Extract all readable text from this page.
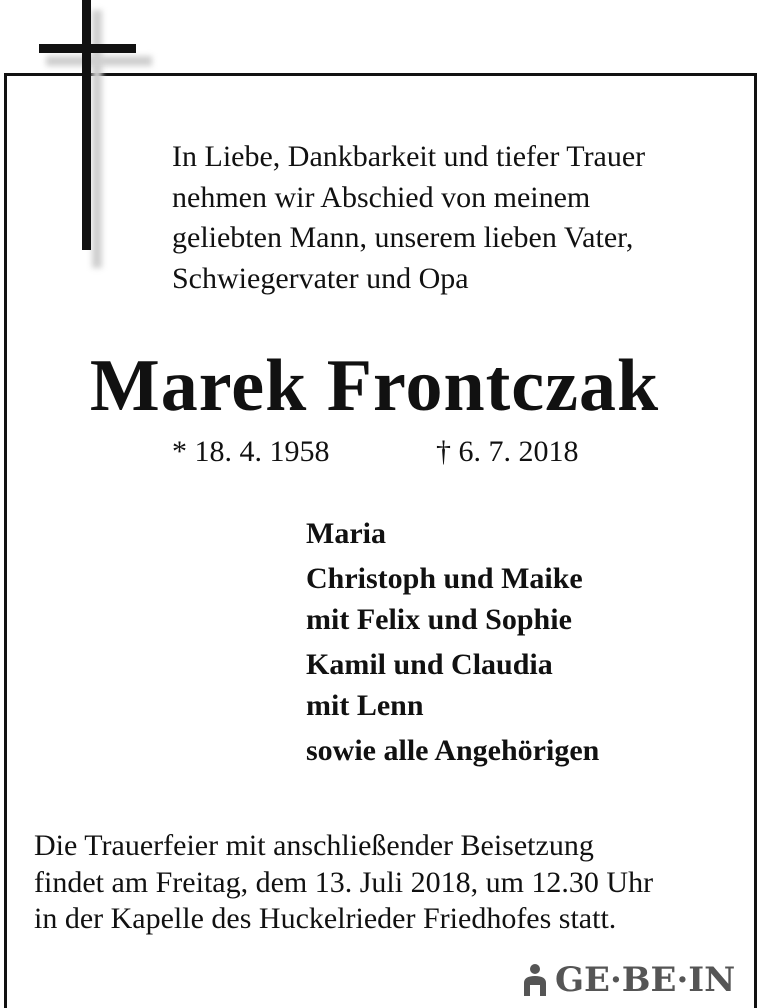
In Liebe, Dankbarkeit und tiefer Trauer
nehmen wir Abschied von meinem
geliebten Mann, unserem lieben Vater,
Schwiegervater und Opa
Marek Frontczak
* 18. 4. 1958	† 6. 7. 2018
Maria
Christoph und Maike
mit Felix und Sophie
Kamil und Claudia
mit Lenn
sowie alle Angehörigen
Die Trauerfeier mit anschließender Beisetzung
findet am Freitag, dem 13. Juli 2018, um 12.30 Uhr
in der Kapelle des Huckelrieder Friedhofes statt.
GE·BE·IN
